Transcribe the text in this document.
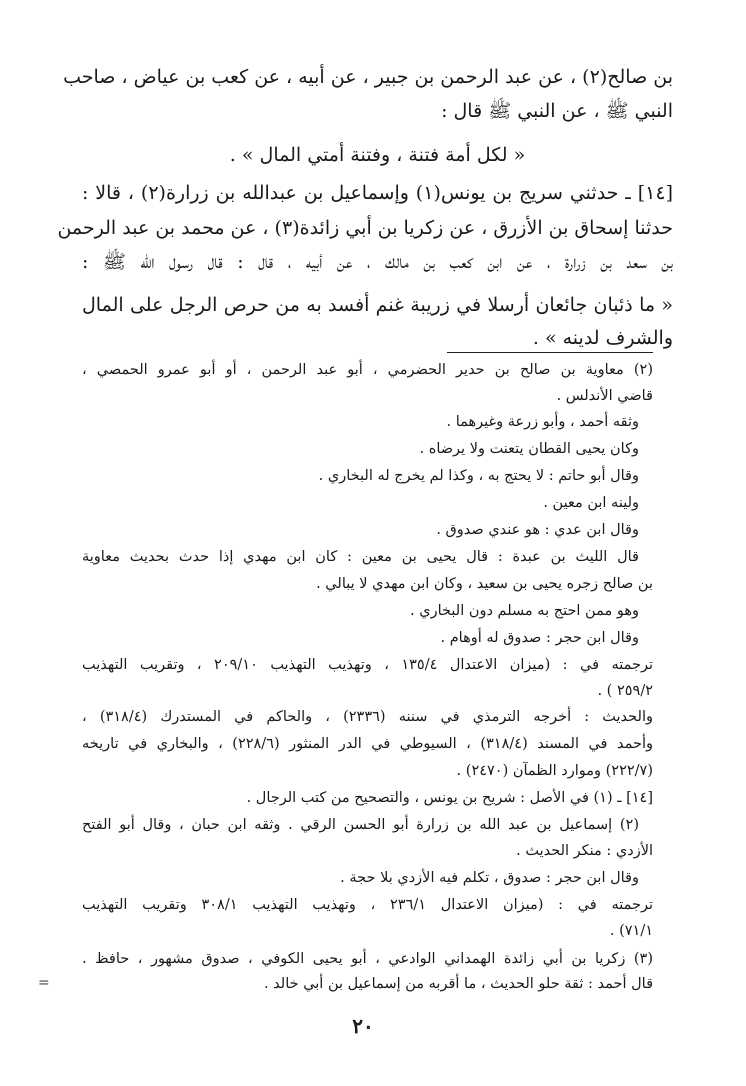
بن صالح(٢) ، عن عبد الرحمن بن جبير ، عن أبيه ، عن كعب بن عياض ، صاحب
النبي ﷺ ، عن النبي ﷺ قال :
« لكل أمة فتنة ، وفتنة أمتي المال » .
[١٤] ـ حدثني سريج بن يونس(١) وإسماعيل بن عبدالله بن زرارة(٢) ، قالا :
حدثنا إسحاق بن الأزرق ، عن زكريا بن أبي زائدة(٣) ، عن محمد بن عبد الرحمن
بن سعد بن زرارة ، عن ابن كعب بن مالك ، عن أبيه ، قال : قال رسول الله ﷺ :
« ما ذئبان جائعان أرسلا في زريبة غنم أفسد به من حرص الرجل على المال
والشرف لدينه » .
(٢) معاوية بن صالح بن حدير الحضرمي ، أبو عبد الرحمن ، أو أبو عمرو الحمصي ،
قاضي الأندلس .
وثقه أحمد ، وأبو زرعة وغيرهما .
وكان يحيى القطان يتعنت ولا يرضاه .
وقال أبو حاتم : لا يحتج به ، وكذا لم يخرج له البخاري .
ولينه ابن معين .
وقال ابن عدي : هو عندي صدوق .
قال الليث بن عبدة : قال يحيى بن معين : كان ابن مهدي إذا حدث بحديث معاوية
بن صالح زجره يحيى بن سعيد ، وكان ابن مهدي لا يبالي .
وهو ممن احتج به مسلم دون البخاري .
وقال ابن حجر : صدوق له أوهام .
ترجمته في : (ميزان الاعتدال ١٣٥/٤ ، وتهذيب التهذيب ٢٠٩/١٠ ، وتقريب التهذيب
٢٥٩/٢ ) .
والحديث : أخرجه الترمذي في سننه (٢٣٣٦) ، والحاكم في المستدرك (٣١٨/٤) ،
وأحمد في المسند (٣١٨/٤) ، السيوطي في الدر المنثور (٢٢٨/٦) ، والبخاري في تاريخه
(٢٢٢/٧) وموارد الظمآن (٢٤٧٠) .
[١٤] ـ (١) في الأصل : شريح بن يونس ، والتصحيح من كتب الرجال .
(٢) إسماعيل بن عبد الله بن زرارة أبو الحسن الرقي . وثقه ابن حبان ، وقال أبو الفتح
الأزدي : منكر الحديث .
وقال ابن حجر : صدوق ، تكلم فيه الأزدي بلا حجة .
ترجمته في : (ميزان الاعتدال ٢٣٦/١ ، وتهذيب التهذيب ٣٠٨/١ وتقريب التهذيب
٧١/١) .
(٣) زكريا بن أبي زائدة الهمداني الوادعي ، أبو يحيى الكوفي ، صدوق مشهور ، حافظ .
قال أحمد : ثقة حلو الحديث ، ما أقربه من إسماعيل بن أبي خالد .
=
٢٠
